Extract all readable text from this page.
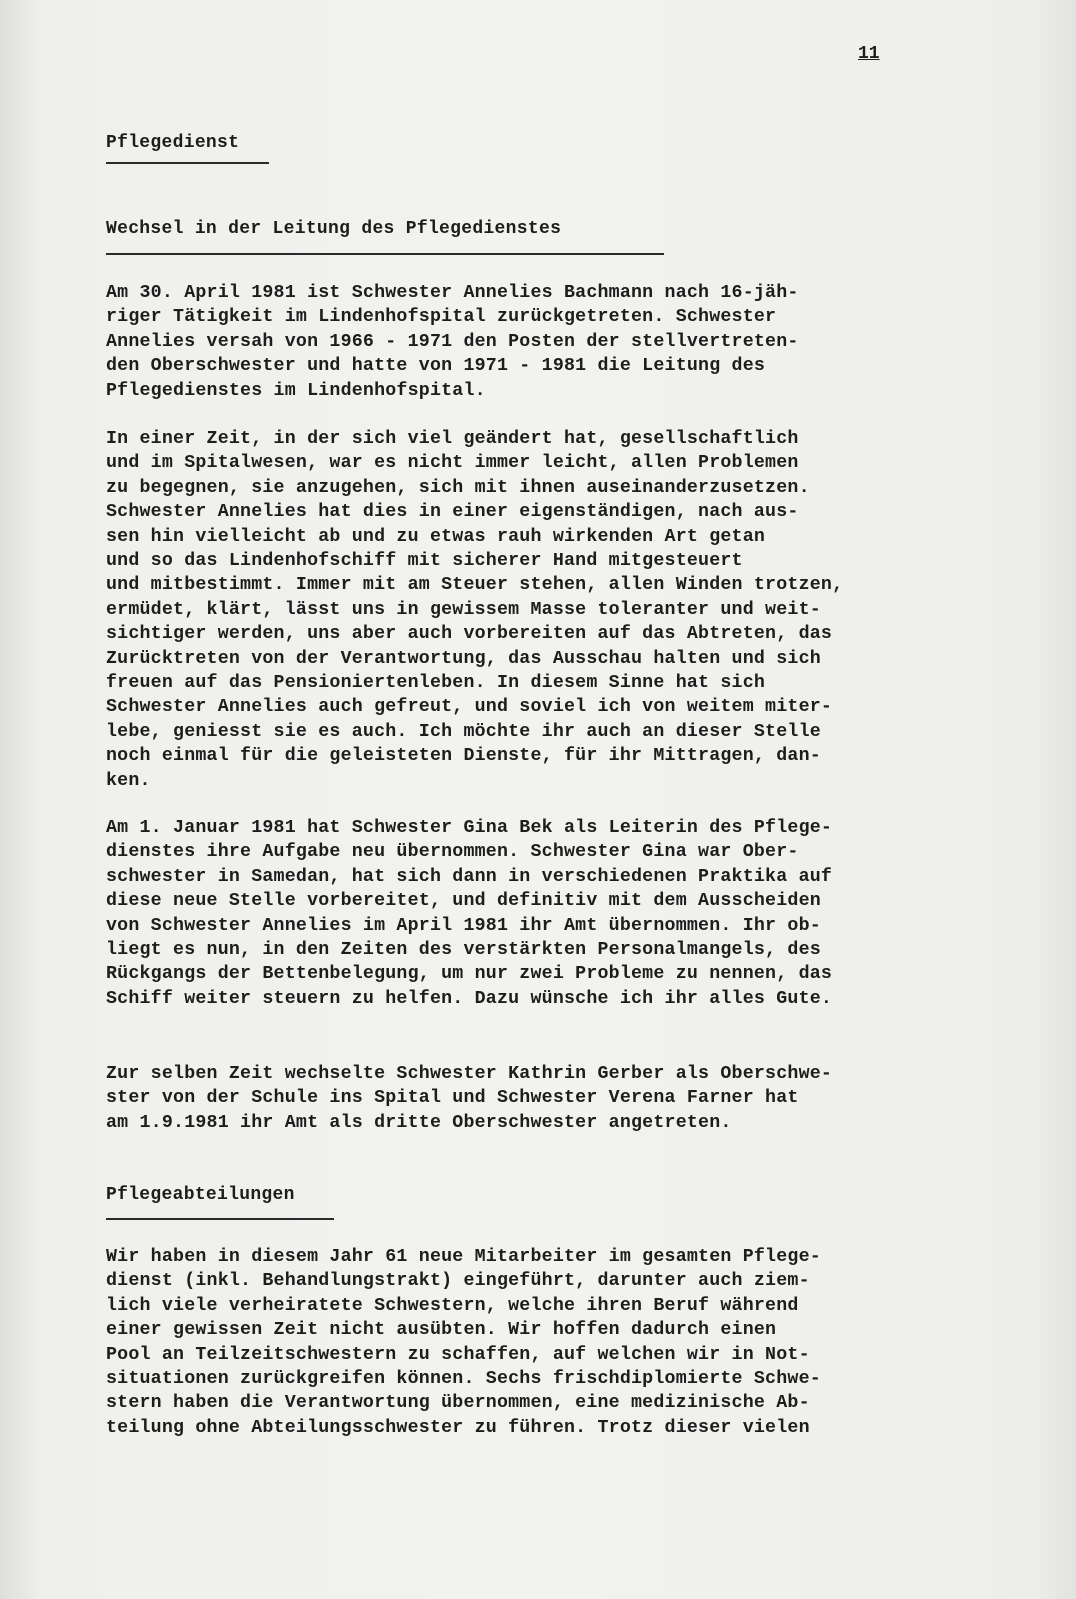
11
Pflegedienst
Wechsel in der Leitung des Pflegedienstes
Am 30. April 1981 ist Schwester Annelies Bachmann nach 16-jäh-
riger Tätigkeit im Lindenhofspital zurückgetreten. Schwester
Annelies versah von 1966 - 1971 den Posten der stellvertreten-
den Oberschwester und hatte von 1971 - 1981 die Leitung des
Pflegedienstes im Lindenhofspital.
In einer Zeit, in der sich viel geändert hat, gesellschaftlich
und im Spitalwesen, war es nicht immer leicht, allen Problemen
zu begegnen, sie anzugehen, sich mit ihnen auseinanderzusetzen.
Schwester Annelies hat dies in einer eigenständigen, nach aus-
sen hin vielleicht ab und zu etwas rauh wirkenden Art getan
und so das Lindenhofschiff mit sicherer Hand mitgesteuert
und mitbestimmt. Immer mit am Steuer stehen, allen Winden trotzen,
ermüdet, klärt, lässt uns in gewissem Masse toleranter und weit-
sichtiger werden, uns aber auch vorbereiten auf das Abtreten, das
Zurücktreten von der Verantwortung, das Ausschau halten und sich
freuen auf das Pensioniertenleben. In diesem Sinne hat sich
Schwester Annelies auch gefreut, und soviel ich von weitem miter-
lebe, geniesst sie es auch. Ich möchte ihr auch an dieser Stelle
noch einmal für die geleisteten Dienste, für ihr Mittragen, dan-
ken.
Am 1. Januar 1981 hat Schwester Gina Bek als Leiterin des Pflege-
dienstes ihre Aufgabe neu übernommen. Schwester Gina war Ober-
schwester in Samedan, hat sich dann in verschiedenen Praktika auf
diese neue Stelle vorbereitet, und definitiv mit dem Ausscheiden
von Schwester Annelies im April 1981 ihr Amt übernommen. Ihr ob-
liegt es nun, in den Zeiten des verstärkten Personalmangels, des
Rückgangs der Bettenbelegung, um nur zwei Probleme zu nennen, das
Schiff weiter steuern zu helfen. Dazu wünsche ich ihr alles Gute.
Zur selben Zeit wechselte Schwester Kathrin Gerber als Oberschwe-
ster von der Schule ins Spital und Schwester Verena Farner hat
am 1.9.1981 ihr Amt als dritte Oberschwester angetreten.
Pflegeabteilungen
Wir haben in diesem Jahr 61 neue Mitarbeiter im gesamten Pflege-
dienst (inkl. Behandlungstrakt) eingeführt, darunter auch ziem-
lich viele verheiratete Schwestern, welche ihren Beruf während
einer gewissen Zeit nicht ausübten. Wir hoffen dadurch einen
Pool an Teilzeitschwestern zu schaffen, auf welchen wir in Not-
situationen zurückgreifen können. Sechs frischdiplomierte Schwe-
stern haben die Verantwortung übernommen, eine medizinische Ab-
teilung ohne Abteilungsschwester zu führen. Trotz dieser vielen
